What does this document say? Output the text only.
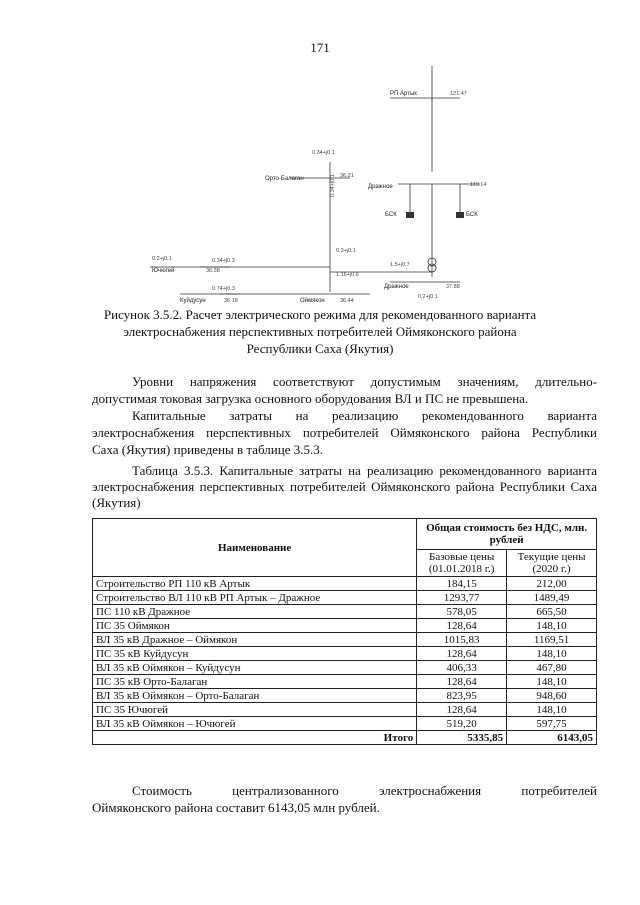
171
РП Артык	121.47
Орто-Балаган	36.21
Дражное	119.14
БСК	БСК
Ючюгей	36.38
Куйдусун	36.18	Оймякон	36.44
Дражное	37.88
0.34+j0.1
0.34+j0.1
0.2+j0.1	0.34+j0.3
0.74+j0.3
0.3+j0.1
1.16+j0.6
1.5+j0.7
0.2+j0.1
Рисунок 3.5.2. Расчет электрического режима для рекомендованного варианта
электроснабжения перспективных потребителей Оймяконского района
Республики Саха (Якутия)
Уровни напряжения соответствуют допустимым значениям, длительно-
допустимая токовая загрузка основного оборудования ВЛ и ПС не превышена.
Капитальные затраты на реализацию рекомендованного варианта
электроснабжения перспективных потребителей Оймяконского района Республики
Саха (Якутия) приведены в таблице 3.5.3.
Таблица 3.5.3. Капитальные затраты на реализацию рекомендованного варианта электроснабжения перспективных потребителей Оймяконского района Республики Саха (Якутия)
Наименование	Общая стоимость без НДС, млн. рублей	
	Базовые цены (01.01.2018 г.)	Текущие цены (2020 г.)
Строительство РП 110 кВ Артык	184,15	212,00
Строительство ВЛ 110 кВ РП Артык – Дражное	1293,77	1489,49
ПС 110 кВ Дражное	578,05	665,50
ПС 35 Оймякон	128,64	148,10
ВЛ 35 кВ Дражное – Оймякон	1015,83	1169,51
ПС 35 кВ Куйдусун	128,64	148,10
ВЛ 35 кВ Оймякон – Куйдусун	406,33	467,80
ПС 35 кВ Орто-Балаган	128,64	148,10
ВЛ 35 кВ Оймякон – Орто-Балаган	823,95	948,60
ПС 35 Ючюгей	128,64	148,10
ВЛ 35 кВ Оймякон – Ючюгей	519,20	597,75
Итого	5335,85	6143,05
Стоимость централизованного электроснабжения потребителей
Оймяконского района составит 6143,05 млн рублей.
